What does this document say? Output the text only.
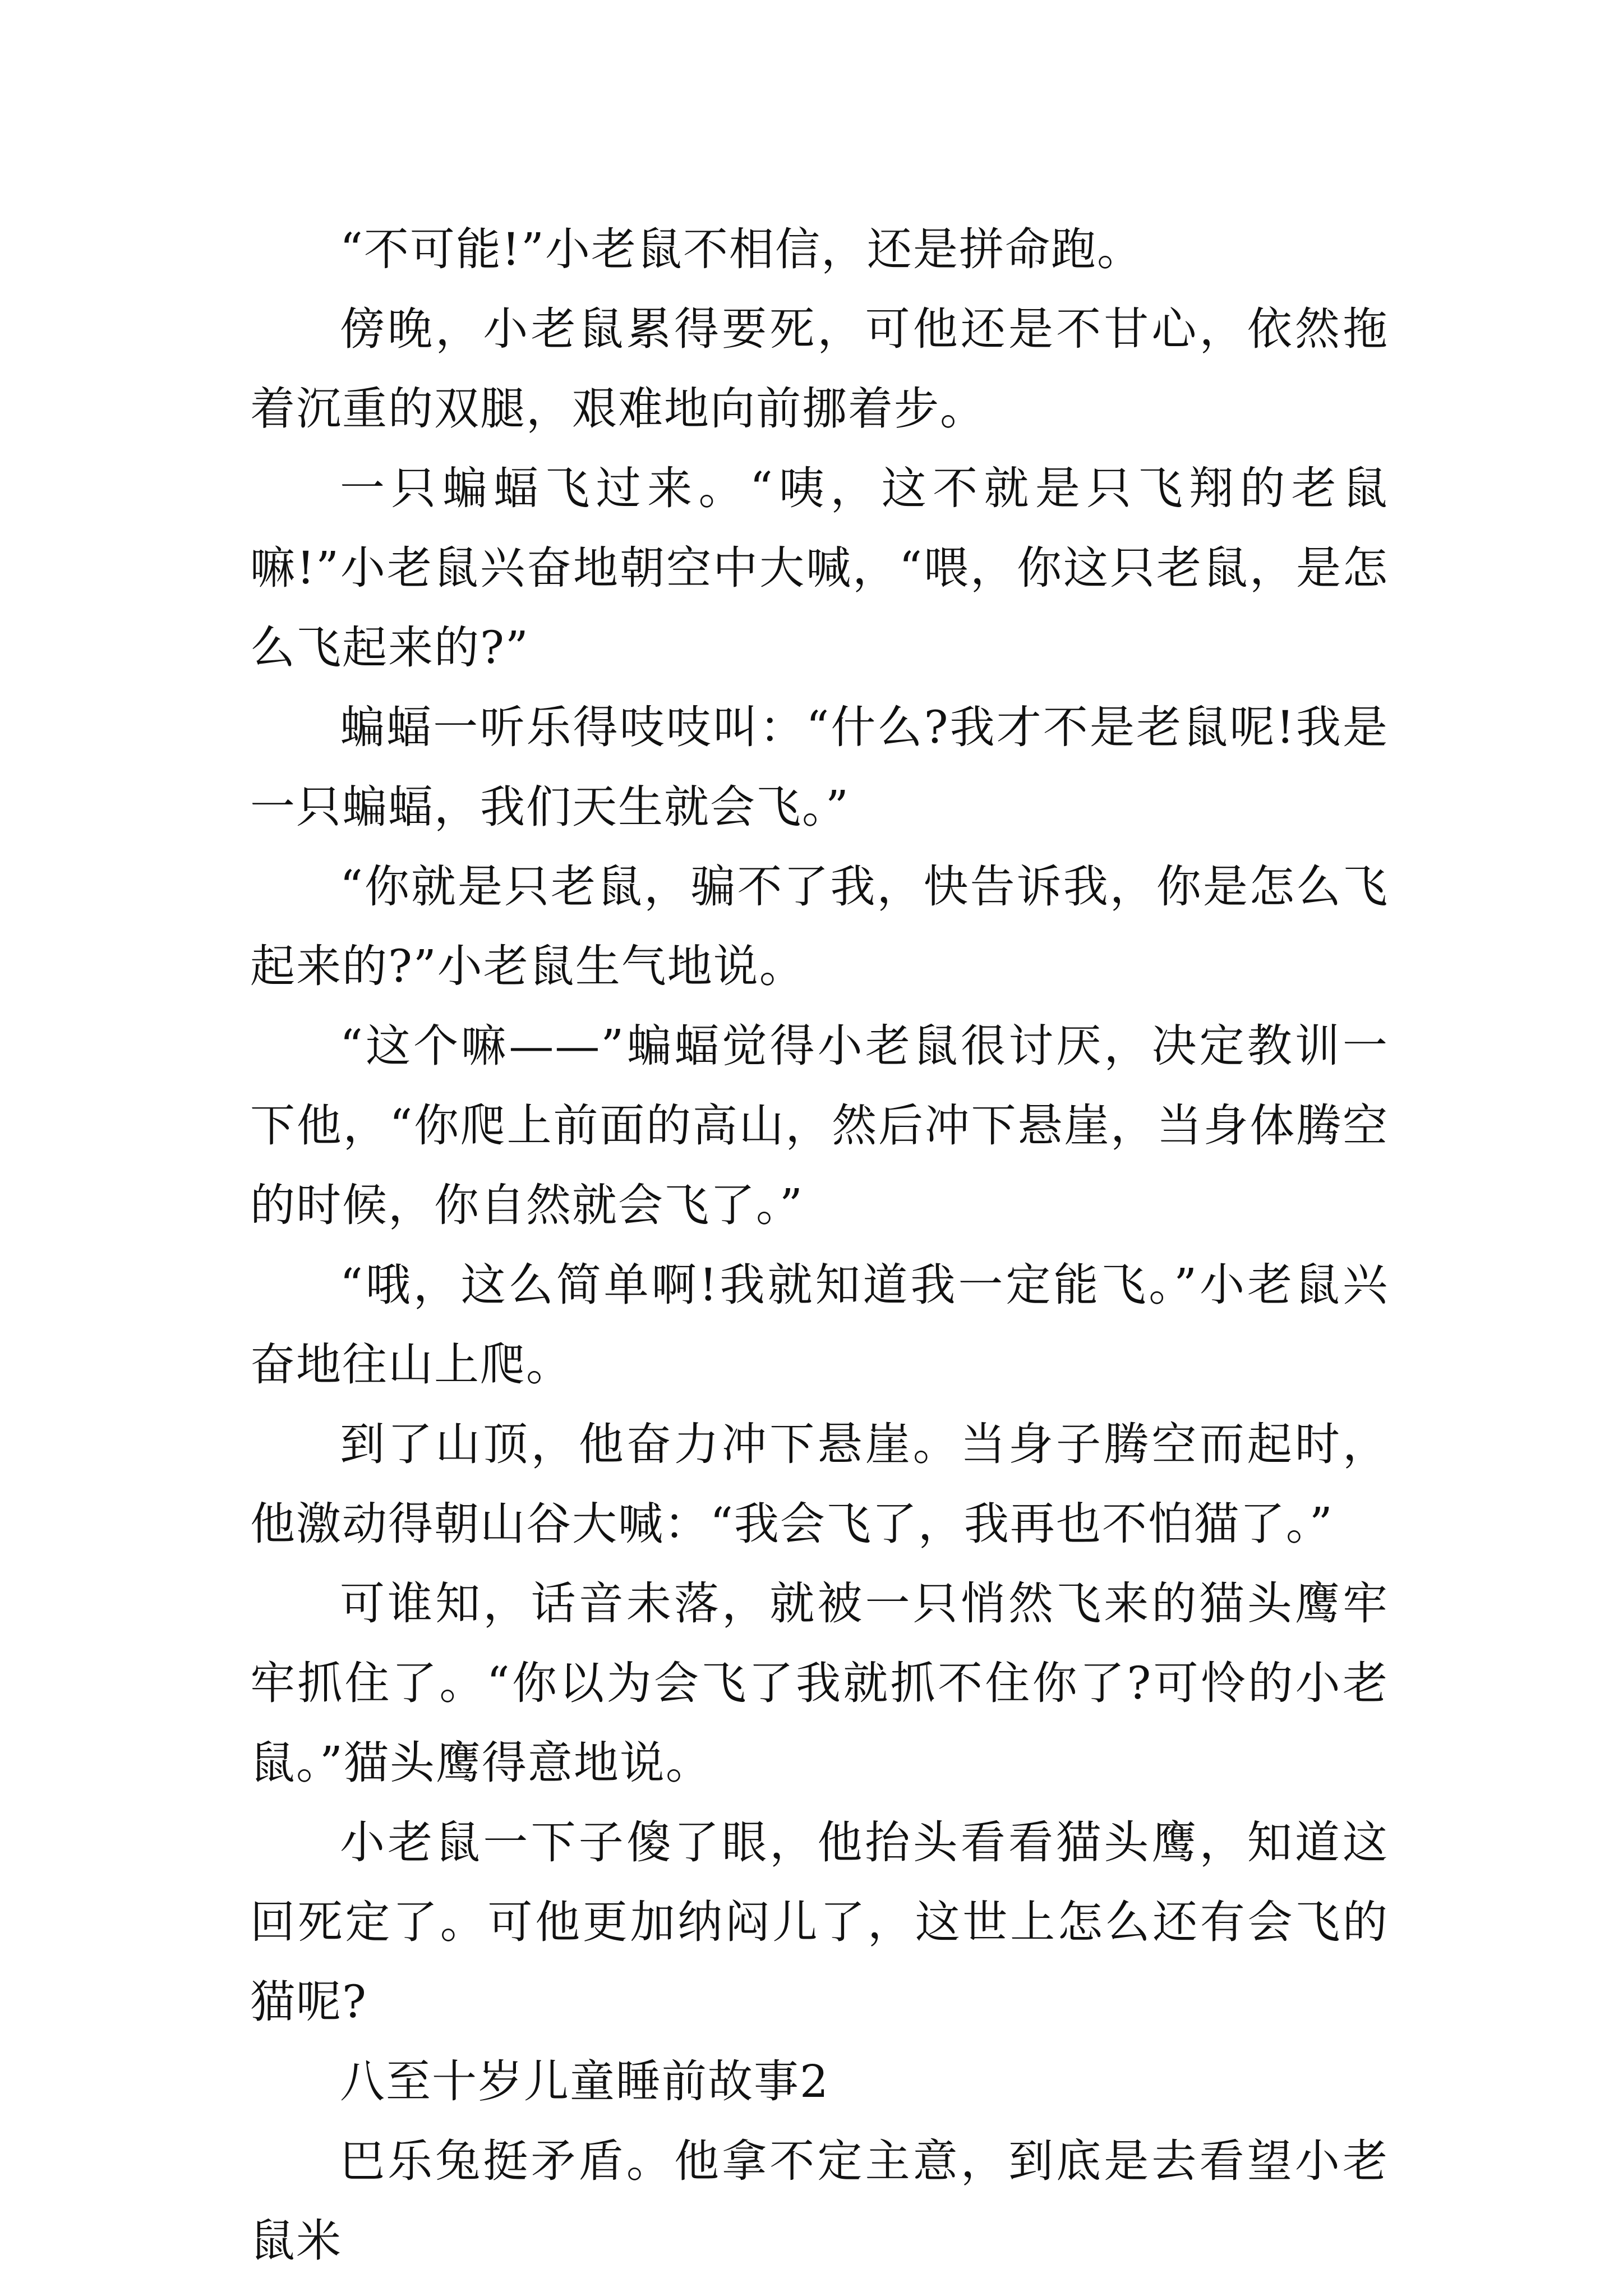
“不可能!”小老鼠不相信，还是拼命跑。

傍晚，小老鼠累得要死，可他还是不甘心，依然拖着沉重的双腿，艰难地向前挪着步。

一只蝙蝠飞过来。“咦，这不就是只飞翔的老鼠嘛!”小老鼠兴奋地朝空中大喊，“喂，你这只老鼠，是怎么飞起来的?”

蝙蝠一听乐得吱吱叫：“什么?我才不是老鼠呢!我是一只蝙蝠，我们天生就会飞。”

“你就是只老鼠，骗不了我，快告诉我，你是怎么飞起来的?”小老鼠生气地说。

“这个嘛——”蝙蝠觉得小老鼠很讨厌，决定教训一下他，“你爬上前面的高山，然后冲下悬崖，当身体腾空的时候，你自然就会飞了。”

“哦，这么简单啊!我就知道我一定能飞。”小老鼠兴奋地往山上爬。

到了山顶，他奋力冲下悬崖。当身子腾空而起时，他激动得朝山谷大喊：“我会飞了，我再也不怕猫了。”

可谁知，话音未落，就被一只悄然飞来的猫头鹰牢牢抓住了。“你以为会飞了我就抓不住你了?可怜的小老鼠。”猫头鹰得意地说。

小老鼠一下子傻了眼，他抬头看看猫头鹰，知道这回死定了。可他更加纳闷儿了，这世上怎么还有会飞的猫呢?

八至十岁儿童睡前故事2

巴乐兔挺矛盾。他拿不定主意，到底是去看望小老鼠米
